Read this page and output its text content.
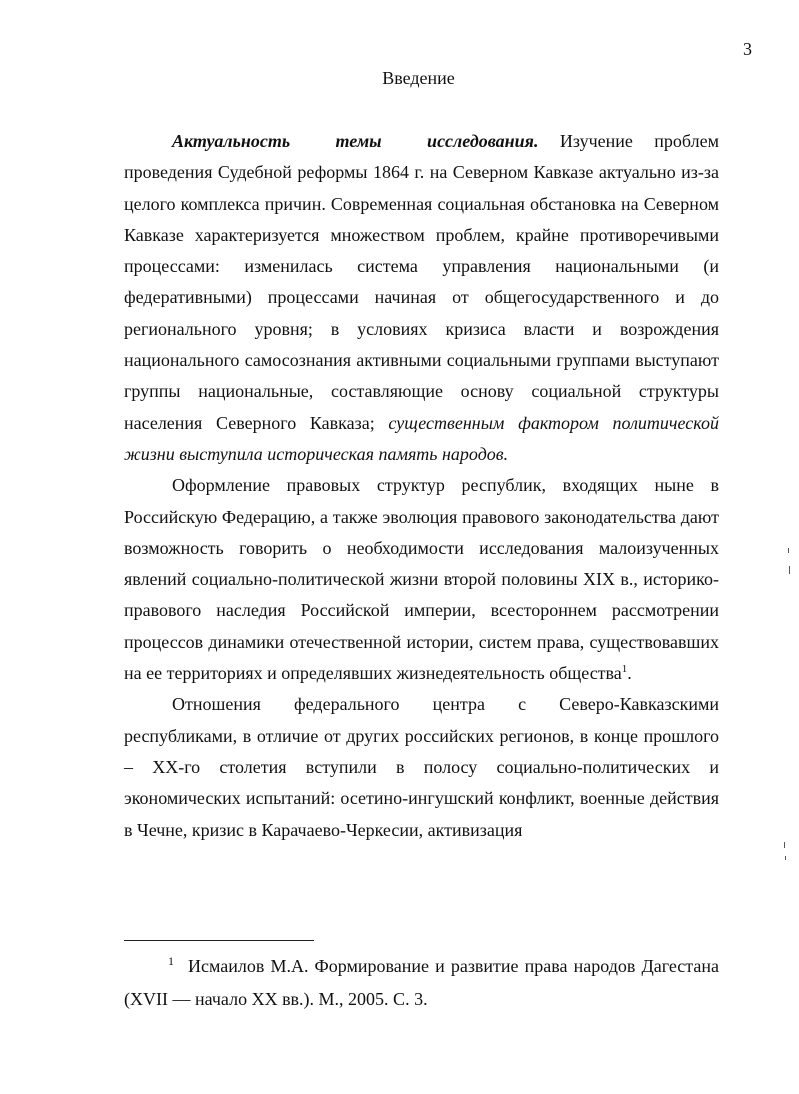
3
Введение

Актуальность темы исследования. Изучение проблем проведения Судебной реформы 1864 г. на Северном Кавказе актуально из-за целого комплекса причин. Современная социальная обстановка на Северном Кавказе характеризуется множеством проблем, крайне противоречивыми процессами: изменилась система управления национальными (и федеративными) процессами начиная от общегосударственного и до регионального уровня; в условиях кризиса власти и возрождения национального самосознания активными социальными группами выступают группы национальные, составляющие основу социальной структуры населения Северного Кавказа; существенным фактором политической жизни выступила историческая память народов.

Оформление правовых структур республик, входящих ныне в Российскую Федерацию, а также эволюция правового законодательства дают возможность говорить о необходимости исследования малоизученных явлений социально-политической жизни второй половины XIX в., историко-правового наследия Российской империи, всестороннем рассмотрении процессов динамики отечественной истории, систем права, существовавших на ее территориях и определявших жизнедеятельность общества$^1$.

Отношения федерального центра с Северо-Кавказскими республиками, в отличие от других российских регионов, в конце прошлого – XX-го столетия вступили в полосу социально-политических и экономических испытаний: осетино-ингушский конфликт, военные действия в Чечне, кризис в Карачаево-Черкесии, активизация

$^1$ Исмаилов М.А. Формирование и развитие права народов Дагестана (XVII — начало XX вв.). М., 2005. С. 3.
